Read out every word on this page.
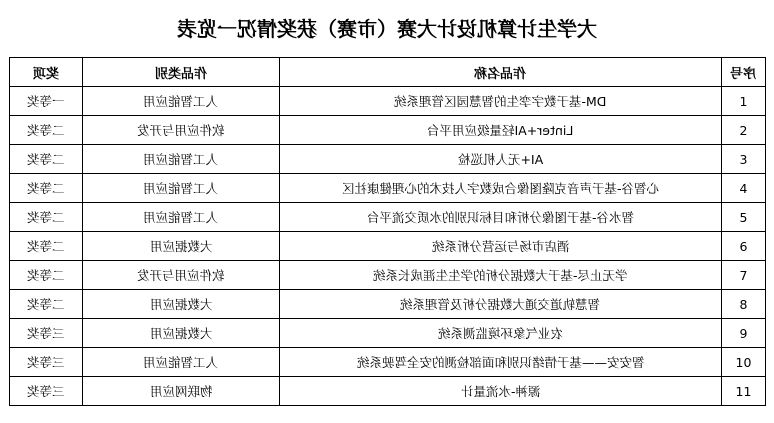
大学生计算机设计大赛（市赛）获奖情况一览表
奖项	作品类别	作品名称	序号
一等奖	人工智能应用	DM-基于数字孪生的智慧园区管理系统	1
二等奖	软件应用与开发	Linter+AI轻量级应用平台	2
二等奖	人工智能应用	AI+无人机巡检	3
二等奖	人工智能应用	心智谷-基于声音克隆图像合成数字人技术的心理健康社区	4
二等奖	人工智能应用	智水谷-基于图像分析和目标识别的水质交流平台	5
二等奖	大数据应用	酒店市场与运营分析系统	6
二等奖	软件应用与开发	学无止尽-基于大数据分析的学生生涯成长系统	7
二等奖	大数据应用	智慧轨道交通大数据分析及管理系统	8
三等奖	大数据应用	农业气象环境监测系统	9
三等奖	人工智能应用	智安安——基于情绪识别和面部检测的安全驾驶系统	10
三等奖	物联网应用	源神-水流量计	11
